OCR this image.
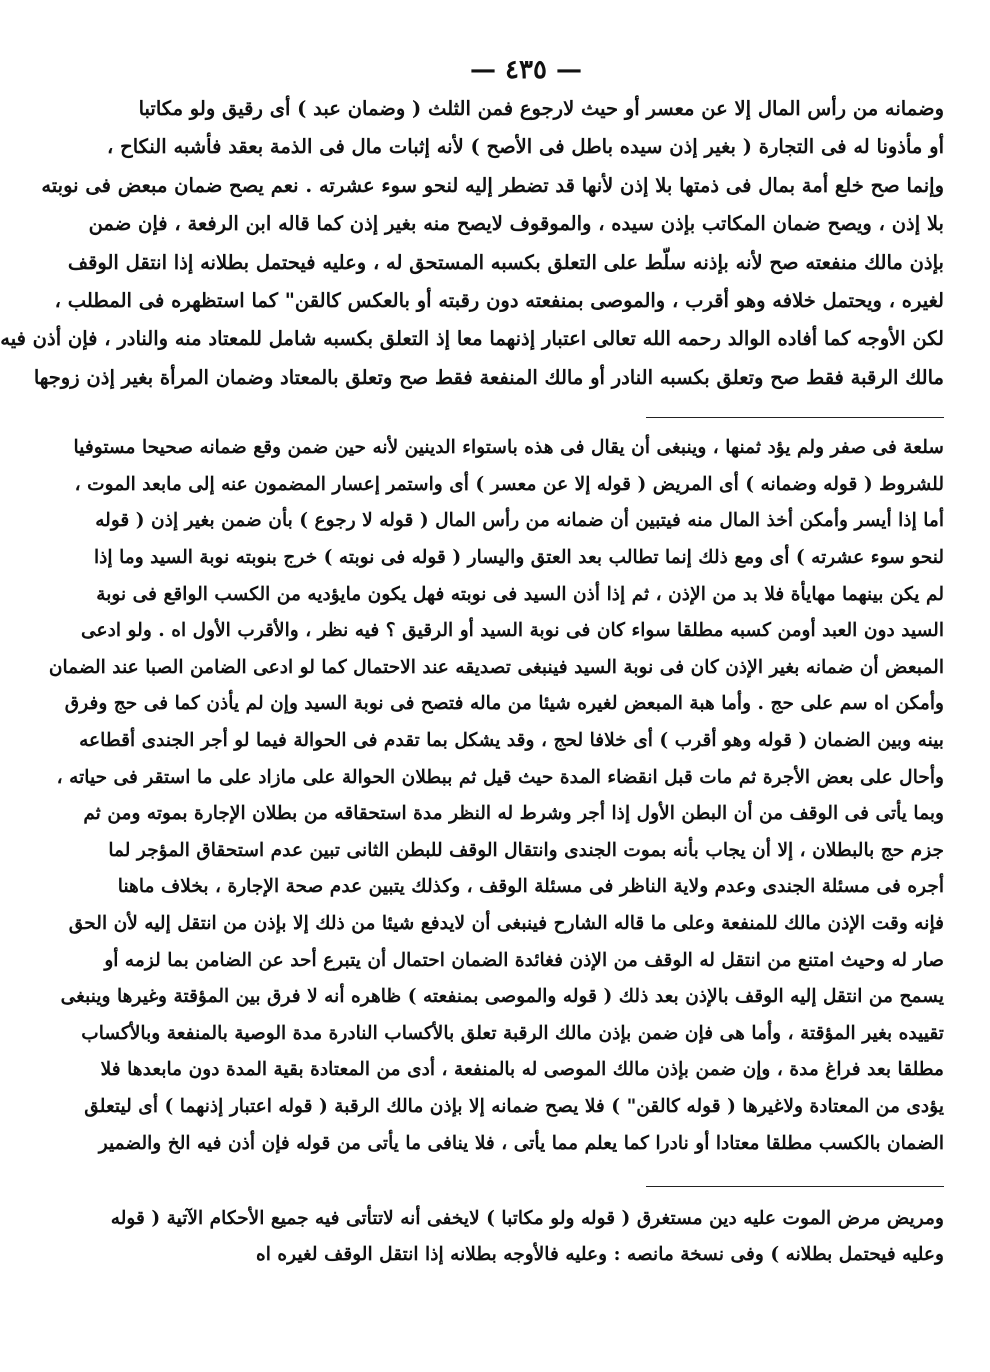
— ٤٣٥ —
وضمانه من رأس المال إلا عن معسر أو حيث لارجوع فمن الثلث ( وضمان عبد ) أى رقيق ولو مكاتبا
أو مأذونا له فى التجارة ( بغير إذن سيده باطل فى الأصح ) لأنه إثبات مال فى الذمة بعقد فأشبه النكاح ،
وإنما صح خلع أمة بمال فى ذمتها بلا إذن لأنها قد تضطر إليه لنحو سوء عشرته . نعم يصح ضمان مبعض فى نوبته
بلا إذن ، ويصح ضمان المكاتب بإذن سيده ، والموقوف لايصح منه بغير إذن كما قاله ابن الرفعة ، فإن ضمن
بإذن مالك منفعته صح لأنه بإذنه سلّط على التعلق بكسبه المستحق له ، وعليه فيحتمل بطلانه إذا انتقل الوقف
لغيره ، ويحتمل خلافه وهو أقرب ، والموصى بمنفعته دون رقبته أو بالعكس كالقن" كما استظهره فى المطلب ،
لكن الأوجه كما أفاده الوالد رحمه الله تعالى اعتبار إذنهما معا إذ التعلق بكسبه شامل للمعتاد منه والنادر ، فإن أذن فيه
مالك الرقبة فقط صح وتعلق بكسبه النادر أو مالك المنفعة فقط صح وتعلق بالمعتاد وضمان المرأة بغير إذن زوجها
سلعة فى صفر ولم يؤد ثمنها ، وينبغى أن يقال فى هذه باستواء الدينين لأنه حين ضمن وقع ضمانه صحيحا مستوفيا
للشروط ( قوله وضمانه ) أى المريض ( قوله إلا عن معسر ) أى واستمر إعسار المضمون عنه إلى مابعد الموت ،
أما إذا أيسر وأمكن أخذ المال منه فيتبين أن ضمانه من رأس المال ( قوله لا رجوع ) بأن ضمن بغير إذن ( قوله
لنحو سوء عشرته ) أى ومع ذلك إنما تطالب بعد العتق واليسار ( قوله فى نوبته ) خرج بنوبته نوبة السيد وما إذا
لم يكن بينهما مهايأة فلا بد من الإذن ، ثم إذا أذن السيد فى نوبته فهل يكون مايؤديه من الكسب الواقع فى نوبة
السيد دون العبد أومن كسبه مطلقا سواء كان فى نوبة السيد أو الرقيق ؟ فيه نظر ، والأقرب الأول اه . ولو ادعى
المبعض أن ضمانه بغير الإذن كان فى نوبة السيد فينبغى تصديقه عند الاحتمال كما لو ادعى الضامن الصبا عند الضمان
وأمكن اه سم على حج . وأما هبة المبعض لغيره شيئا من ماله فتصح فى نوبة السيد وإن لم يأذن كما فى حج وفرق
بينه وبين الضمان ( قوله وهو أقرب ) أى خلافا لحج ، وقد يشكل بما تقدم فى الحوالة فيما لو أجر الجندى أقطاعه
وأحال على بعض الأجرة ثم مات قبل انقضاء المدة حيث قيل ثم ببطلان الحوالة على مازاد على ما استقر فى حياته ،
وبما يأتى فى الوقف من أن البطن الأول إذا أجر وشرط له النظر مدة استحقاقه من بطلان الإجارة بموته ومن ثم
جزم حج بالبطلان ، إلا أن يجاب بأنه بموت الجندى وانتقال الوقف للبطن الثانى تبين عدم استحقاق المؤجر لما
أجره فى مسئلة الجندى وعدم ولاية الناظر فى مسئلة الوقف ، وكذلك يتبين عدم صحة الإجارة ، بخلاف ماهنا
فإنه وقت الإذن مالك للمنفعة وعلى ما قاله الشارح فينبغى أن لايدفع شيئا من ذلك إلا بإذن من انتقل إليه لأن الحق
صار له وحيث امتنع من انتقل له الوقف من الإذن فغائدة الضمان احتمال أن يتبرع أحد عن الضامن بما لزمه أو
يسمح من انتقل إليه الوقف بالإذن بعد ذلك ( قوله والموصى بمنفعته ) ظاهره أنه لا فرق بين المؤقتة وغيرها وينبغى
تقييده بغير المؤقتة ، وأما هى فإن ضمن بإذن مالك الرقبة تعلق بالأكساب النادرة مدة الوصية بالمنفعة وبالأكساب
مطلقا بعد فراغ مدة ، وإن ضمن بإذن مالك الموصى له بالمنفعة ، أدى من المعتادة بقية المدة دون مابعدها فلا
يؤدى من المعتادة ولاغيرها ( قوله كالقن" ) فلا يصح ضمانه إلا بإذن مالك الرقبة ( قوله اعتبار إذنهما ) أى ليتعلق
الضمان بالكسب مطلقا معتادا أو نادرا كما يعلم مما يأتى ، فلا ينافى ما يأتى من قوله فإن أذن فيه الخ والضمير
ومريض مرض الموت عليه دين مستغرق ( قوله ولو مكاتبا ) لايخفى أنه لاتتأتى فيه جميع الأحكام الآتية ( قوله
وعليه فيحتمل بطلانه ) وفى نسخة مانصه : وعليه فالأوجه بطلانه إذا انتقل الوقف لغيره اه
